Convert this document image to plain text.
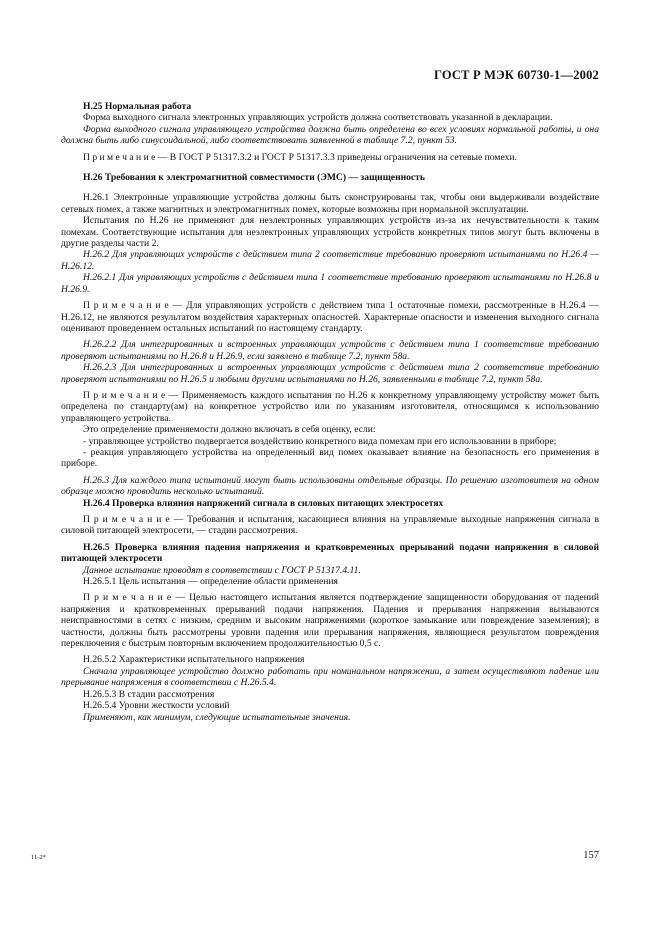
ГОСТ Р МЭК 60730-1—2002

H.25 Нормальная работа

Форма выходного сигнала электронных управляющих устройств должна соответствовать указанной в декларации.

Форма выходного сигнала управляющего устройства должна быть определена во всех условиях нормальной работы, и она должна быть либо синусоидальной, либо соответствовать заявленной в таблице 7.2, пункт 53.

П р и м е ч а н и е — В ГОСТ Р 51317.3.2 и ГОСТ Р 51317.3.3 приведены ограничения на сетевые помехи.

H.26 Требования к электромагнитной совместимости (ЭМС) — защищенность

H.26.1 Электронные управляющие устройства должны быть сконструированы так, чтобы они выдерживали воздействие сетевых помех, а также магнитных и электромагнитных помех, которые возможны при нормальной эксплуатации.

Испытания по H.26 не применяют для неэлектронных управляющих устройств из-за их нечувствительности к таким помехам. Соответствующие испытания для неэлектронных управляющих устройств конкретных типов могут быть включены в другие разделы части 2.

H.26.2 Для управляющих устройств с действием типа 2 соответствие требованию проверяют испытаниями по H.26.4 — H.26.12.

H.26.2.1 Для управляющих устройств с действием типа 1 соответствие требованию проверяют испытаниями по H.26.8 и H.26.9.

П р и м е ч а н и е — Для управляющих устройств с действием типа 1 остаточные помехи, рассмотренные в H.26.4 — H.26.12, не являются результатом воздействия характерных опасностей. Характерные опасности и изменения выходного сигнала оценивают проведением остальных испытаний по настоящему стандарту.

H.26.2.2 Для интегрированных и встроенных управляющих устройств с действием типа 1 соответствие требованию проверяют испытаниями по H.26.8 и H.26.9, если заявлено в таблице 7.2, пункт 58a.

H.26.2.3 Для интегрированных и встроенных управляющих устройств с действием типа 2 соответствие требованию проверяют испытаниями по H.26.5 и любыми другими испытаниями по H.26, заявленными в таблице 7.2, пункт 58a.

П р и м е ч а н и е — Применяемость каждого испытания по H.26 к конкретному управляющему устройству может быть определена по стандарту(ам) на конкретное устройство или по указаниям изготовителя, относящимся к использованию управляющего устройства.

Это определение применяемости должно включать в себя оценку, если:

- управляющее устройство подвергается воздействию конкретного вида помехам при его использовании в приборе;

- реакция управляющего устройства на определенный вид помех оказывает влияние на безопасность его применения в приборе.

H.26.3 Для каждого типа испытаний могут быть использованы отдельные образцы. По решению изготовителя на одном образце можно проводить несколько испытаний.

H.26.4 Проверка влияния напряжений сигнала в силовых питающих электросетях

П р и м е ч а н и е — Требования и испытания, касающиеся влияния на управляемые выходные напряжения сигнала в силовой питающей электросети, — стадии рассмотрения.

H.26.5 Проверка влияния падения напряжения и кратковременных прерываний подачи напряжения в силовой питающей электросети

Данное испытание проводят в соответствии с ГОСТ Р 51317.4.11.

H.26.5.1 Цель испытания — определение области применения

П р и м е ч а н и е — Целью настоящего испытания является подтверждение защищенности оборудования от падений напряжения и кратковременных прерываний подачи напряжения. Падения и прерывания напряжения вызываются неисправностями в сетях с низким, средним и высоким напряжениями (короткое замыкание или повреждение заземления); в частности, должны быть рассмотрены уровни падения или прерывания напряжения, являющиеся результатом повреждения переключения с быстрым повторным включением продолжительностью 0,5 с.

H.26.5.2 Характеристики испытательного напряжения

Сначала управляющее устройство должно работать при номинальном напряжении, а затем осуществляют падение или прерывание напряжения в соответствии с H.26.5.4.

H.26.5.3 В стадии рассмотрения

H.26.5.4 Уровни жесткости условий

Применяют, как минимум, следующие испытательные значения.

11-2*	157
